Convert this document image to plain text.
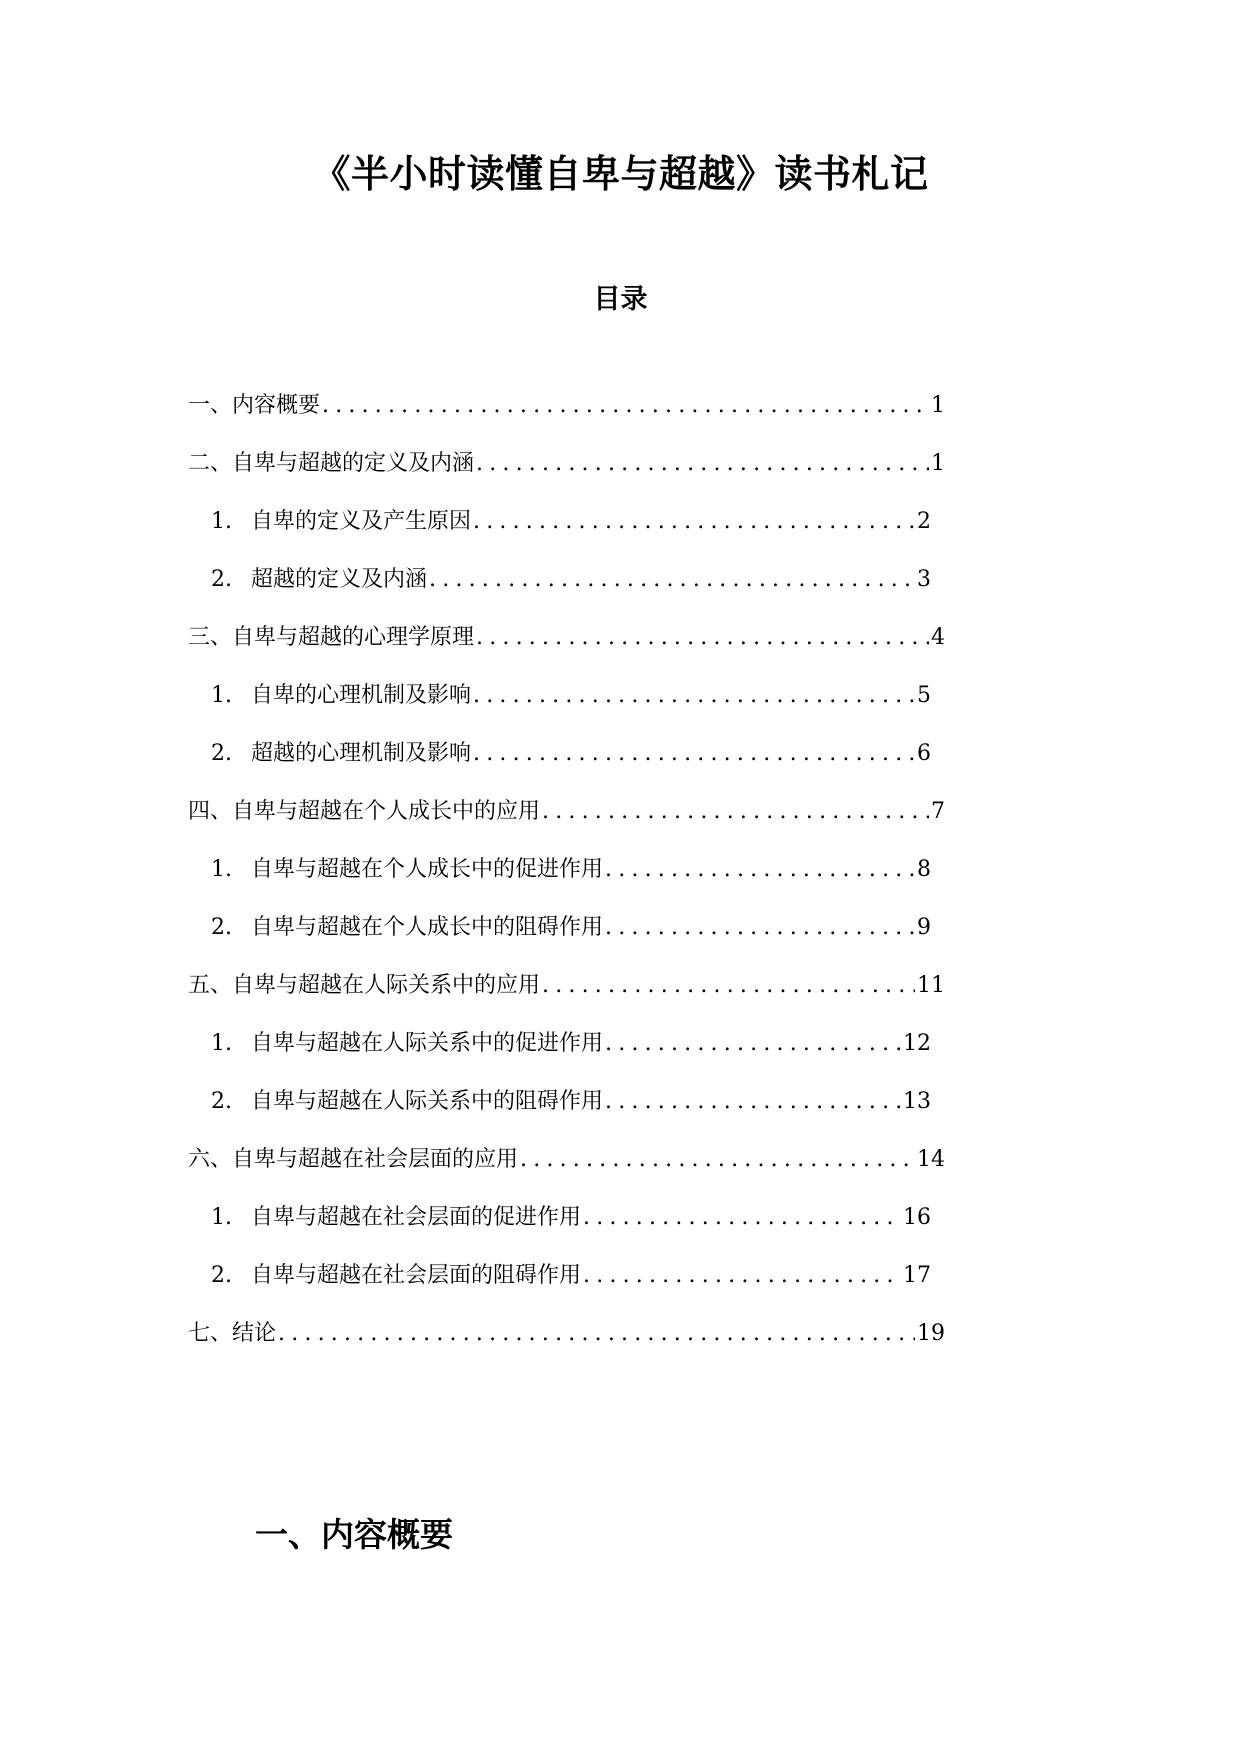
《半小时读懂自卑与超越》读书札记
目录
一、内容概要 .....	1
二、自卑与超越的定义及内涵 .....	1
1. 自卑的定义及产生原因 .....	2
2. 超越的定义及内涵 .....	3
三、自卑与超越的心理学原理 .....	4
1. 自卑的心理机制及影响 .....	5
2. 超越的心理机制及影响 .....	6
四、自卑与超越在个人成长中的应用 .....	7
1. 自卑与超越在个人成长中的促进作用 .....	8
2. 自卑与超越在个人成长中的阻碍作用 .....	9
五、自卑与超越在人际关系中的应用 .....	11
1. 自卑与超越在人际关系中的促进作用 .....	12
2. 自卑与超越在人际关系中的阻碍作用 .....	13
六、自卑与超越在社会层面的应用 .....	14
1. 自卑与超越在社会层面的促进作用 .....	16
2. 自卑与超越在社会层面的阻碍作用 .....	17
七、结论 .....	19
一、内容概要
